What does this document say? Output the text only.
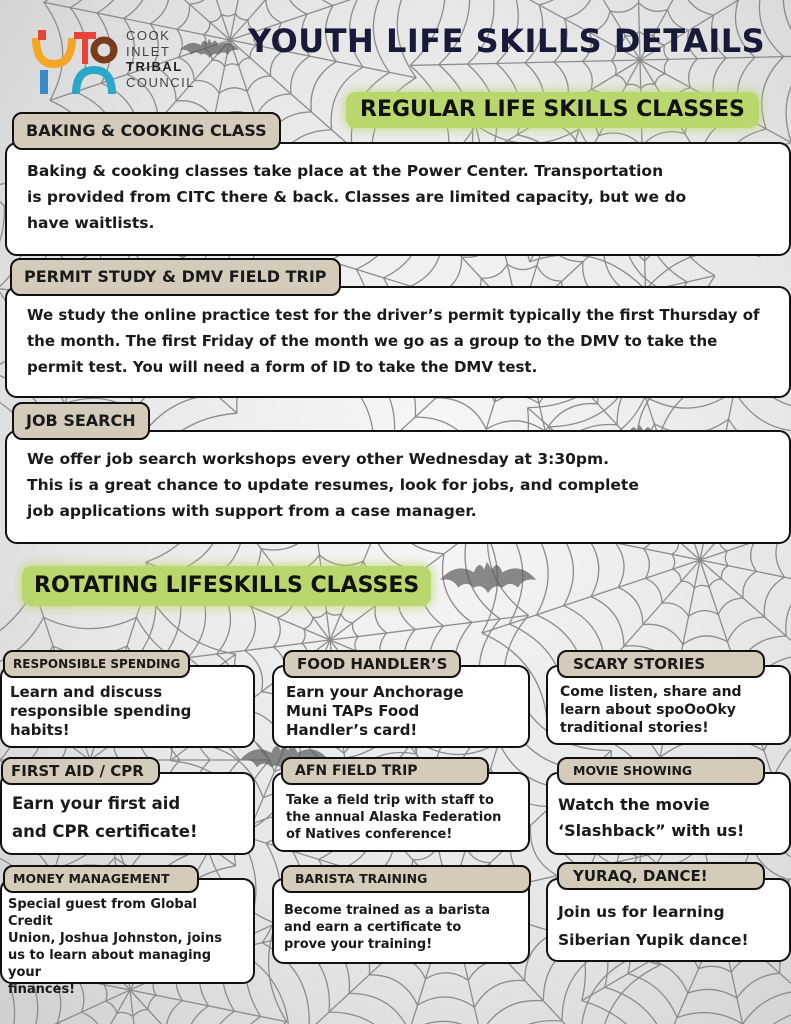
COOK
INLET
TRIBAL
COUNCIL
YOUTH LIFE SKILLS DETAILS
REGULAR LIFE SKILLS CLASSES
BAKING & COOKING CLASS
Baking & cooking classes take place at the Power Center. Transportation
is provided from CITC there & back. Classes are limited capacity, but we do
have waitlists.
PERMIT STUDY & DMV FIELD TRIP
We study the online practice test for the driver’s permit typically the first Thursday of
the month. The first Friday of the month we go as a group to the DMV to take the
permit test. You will need a form of ID to take the DMV test.
JOB SEARCH
We offer job search workshops every other Wednesday at 3:30pm.
This is a great chance to update resumes, look for jobs, and complete
job applications with support from a case manager.
ROTATING LIFESKILLS CLASSES
RESPONSIBLE SPENDING
Learn and discuss
responsible spending
habits!
FOOD HANDLER’S
Earn your Anchorage
Muni TAPs Food
Handler’s card!
SCARY STORIES
Come listen, share and
learn about spoOoOky
traditional stories!
FIRST AID / CPR
Earn your first aid
and CPR certificate!
AFN FIELD TRIP
Take a field trip with staff to
the annual Alaska Federation
of Natives conference!
MOVIE SHOWING
Watch the movie
‘Slashback” with us!
MONEY MANAGEMENT
Special guest from Global Credit
Union, Joshua Johnston, joins
us to learn about managing your
finances!
BARISTA TRAINING
Become trained as a barista
and earn a certificate to
prove your training!
YURAQ, DANCE!
Join us for learning
Siberian Yupik dance!
